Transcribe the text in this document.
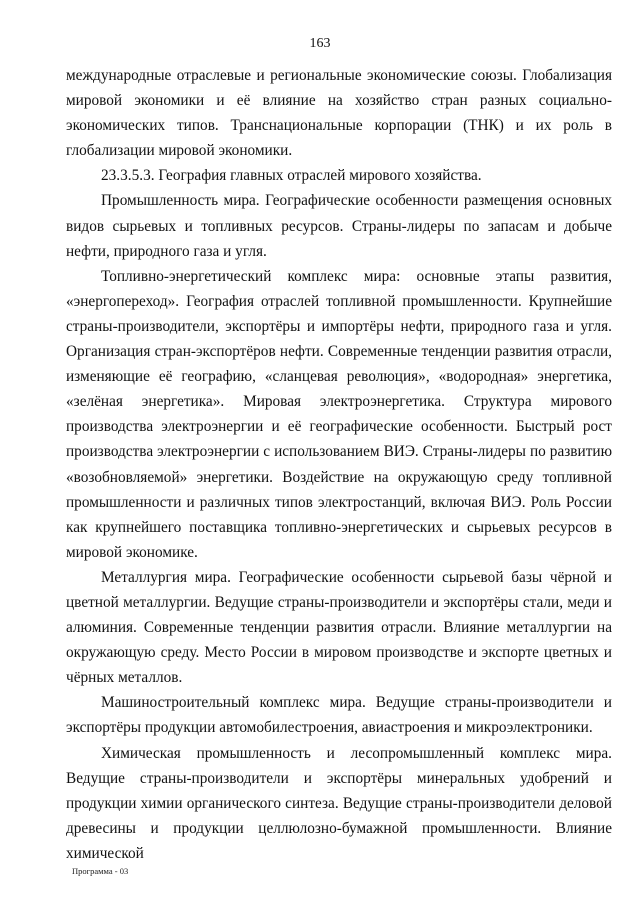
163

международные отраслевые и региональные экономические союзы. Глобализация мировой экономики и её влияние на хозяйство стран разных социально-экономических типов. Транснациональные корпорации (ТНК) и их роль в глобализации мировой экономики.

23.3.5.3. География главных отраслей мирового хозяйства.

Промышленность мира. Географические особенности размещения основных видов сырьевых и топливных ресурсов. Страны-лидеры по запасам и добыче нефти, природного газа и угля.

Топливно-энергетический комплекс мира: основные этапы развития, «энергопереход». География отраслей топливной промышленности. Крупнейшие страны-производители, экспортёры и импортёры нефти, природного газа и угля. Организация стран-экспортёров нефти. Современные тенденции развития отрасли, изменяющие её географию, «сланцевая революция», «водородная» энергетика, «зелёная энергетика». Мировая электроэнергетика. Структура мирового производства электроэнергии и её географические особенности. Быстрый рост производства электроэнергии с использованием ВИЭ. Страны-лидеры по развитию «возобновляемой» энергетики. Воздействие на окружающую среду топливной промышленности и различных типов электростанций, включая ВИЭ. Роль России как крупнейшего поставщика топливно-энергетических и сырьевых ресурсов в мировой экономике.

Металлургия мира. Географические особенности сырьевой базы чёрной и цветной металлургии. Ведущие страны-производители и экспортёры стали, меди и алюминия. Современные тенденции развития отрасли. Влияние металлургии на окружающую среду. Место России в мировом производстве и экспорте цветных и чёрных металлов.

Машиностроительный комплекс мира. Ведущие страны-производители и экспортёры продукции автомобилестроения, авиастроения и микроэлектроники.

Химическая промышленность и лесопромышленный комплекс мира. Ведущие страны-производители и экспортёры минеральных удобрений и продукции химии органического синтеза. Ведущие страны-производители деловой древесины и продукции целлюлозно-бумажной промышленности. Влияние химической

Программа - 03
